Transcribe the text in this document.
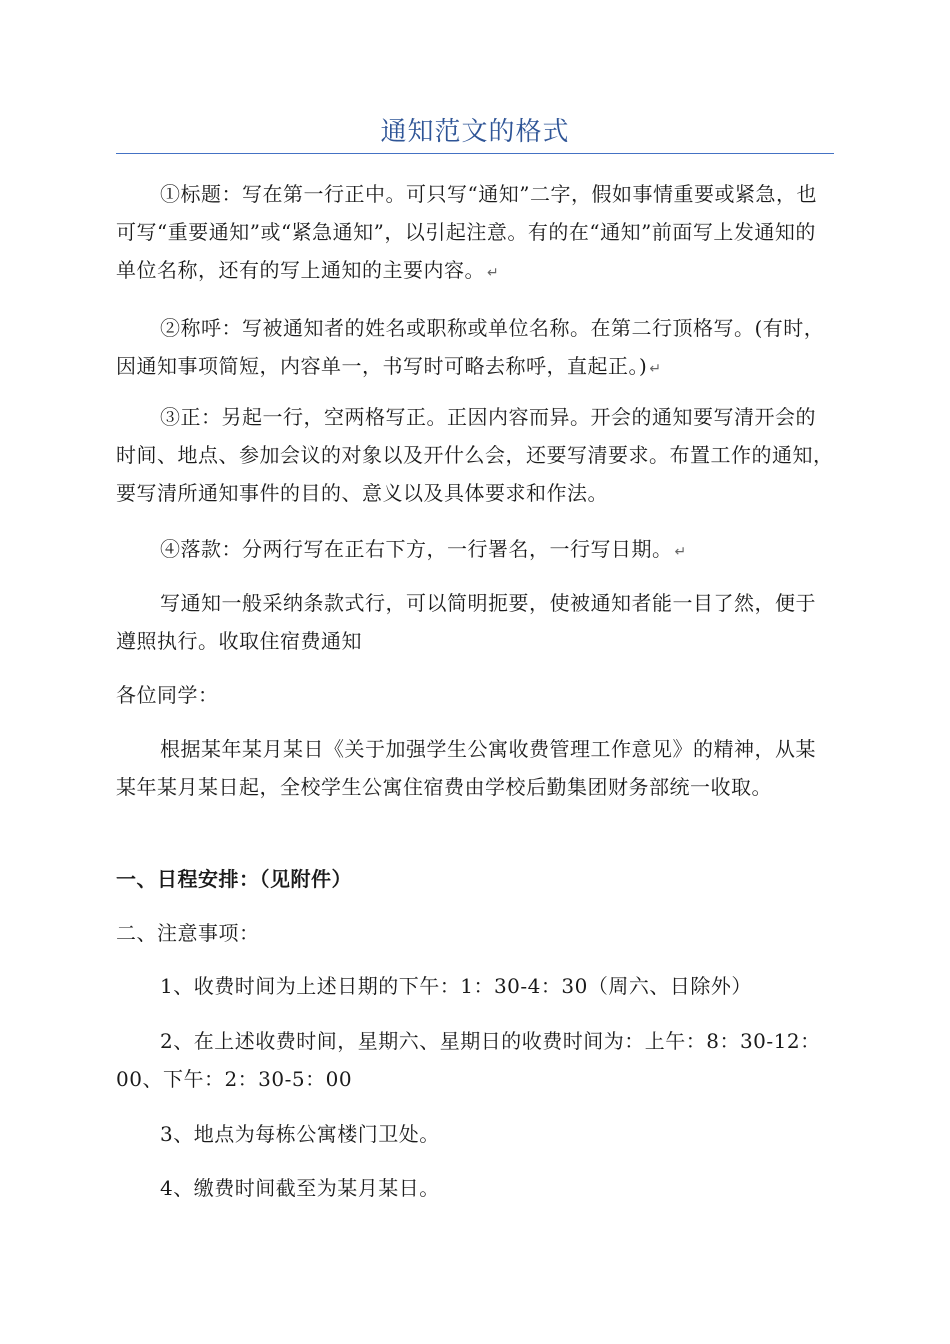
通知范文的格式

①标题：写在第一行正中。可只写“通知”二字，假如事情重要或紧急，也可写“重要通知”或“紧急通知”，以引起注意。有的在“通知”前面写上发通知的单位名称，还有的写上通知的主要内容。 ↵

②称呼：写被通知者的姓名或职称或单位名称。在第二行顶格写。(有时，因通知事项简短，内容单一，书写时可略去称呼，直起正。) ↵

③正：另起一行，空两格写正。正因内容而异。开会的通知要写清开会的时间、地点、参加会议的对象以及开什么会，还要写清要求。布置工作的通知，要写清所通知事件的目的、意义以及具体要求和作法。

④落款：分两行写在正右下方，一行署名，一行写日期。 ↵

写通知一般采纳条款式行，可以简明扼要，使被通知者能一目了然，便于遵照执行。收取住宿费通知

各位同学：

根据某年某月某日《关于加强学生公寓收费管理工作意见》的精神，从某某年某月某日起，全校学生公寓住宿费由学校后勤集团财务部统一收取。

一、日程安排：（见附件）

二、注意事项：

1、收费时间为上述日期的下午：1：30-4：30（周六、日除外）

2、在上述收费时间，星期六、星期日的收费时间为：上午：8：30-12：00、下午：2：30-5：00

3、地点为每栋公寓楼门卫处。

4、缴费时间截至为某月某日。
